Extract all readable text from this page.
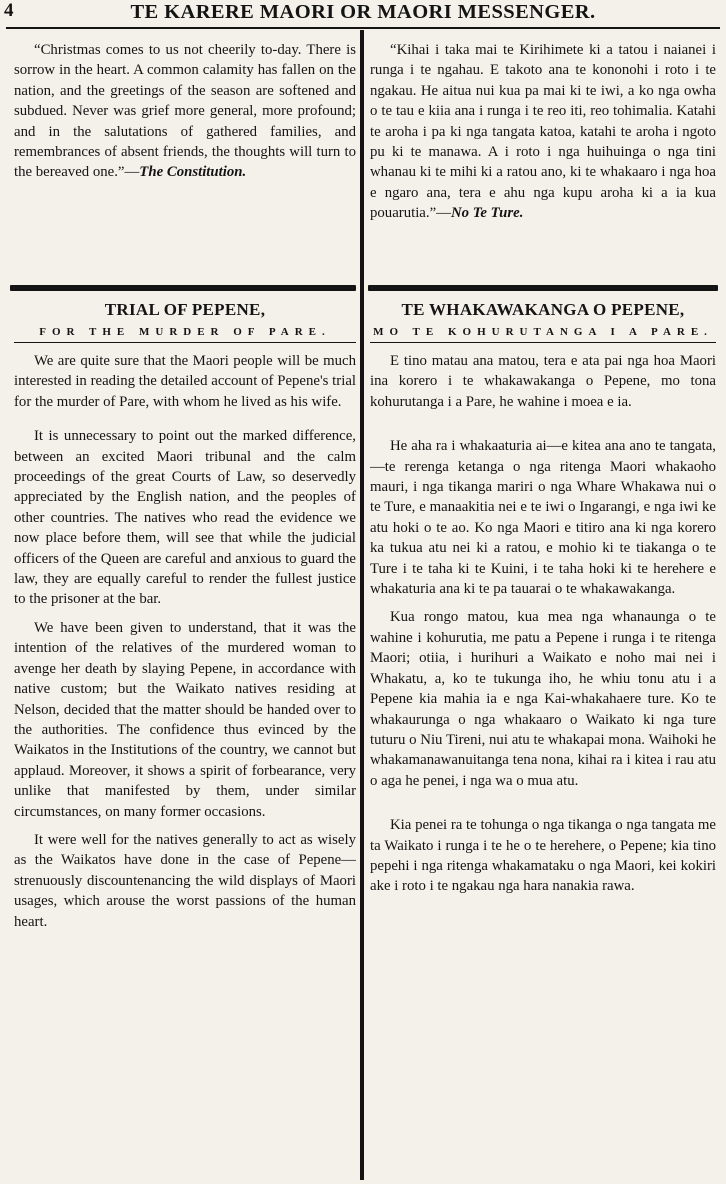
4	TE KARERE MAORI OR MAORI MESSENGER.

“Christmas comes to us not cheerily to-day. There is sorrow in the heart. A common calamity has fallen on the nation, and the greetings of the season are softened and subdued. Never was grief more general, more profound; and in the salutations of gathered families, and remembrances of absent friends, the thoughts will turn to the bereaved one.”—The Constitution.

“Kihai i taka mai te Kirihimete ki a tatou i naianei i runga i te ngahau. E takoto ana te kononohi i roto i te ngakau. He aitua nui kua pa mai ki te iwi, a ko nga owha o te tau e kiia ana i runga i te reo iti, reo tohimalia. Katahi te aroha i pa ki nga tangata katoa, katahi te aroha i ngoto pu ki te manawa. A i roto i nga huihuinga o nga tini whanau ki te mihi ki a ratou ano, ki te whakaaro i nga hoa e ngaro ana, tera e ahu nga kupu aroha ki a ia kua pouarutia.”—No Te Ture.

TRIAL OF PEPENE,
FOR THE MURDER OF PARE.

We are quite sure that the Maori people will be much interested in reading the detailed account of Pepene's trial for the murder of Pare, with whom he lived as his wife.

It is unnecessary to point out the marked difference, between an excited Maori tribunal and the calm proceedings of the great Courts of Law, so deservedly appreciated by the English nation, and the peoples of other countries. The natives who read the evidence we now place before them, will see that while the judicial officers of the Queen are careful and anxious to guard the law, they are equally careful to render the fullest justice to the prisoner at the bar.

We have been given to understand, that it was the intention of the relatives of the murdered woman to avenge her death by slaying Pepene, in accordance with native custom; but the Waikato natives residing at Nelson, decided that the matter should be handed over to the authorities. The confidence thus evinced by the Waikatos in the Institutions of the country, we cannot but applaud. Moreover, it shows a spirit of forbearance, very unlike that manifested by them, under similar circumstances, on many former occasions.

It were well for the natives generally to act as wisely as the Waikatos have done in the case of Pepene—strenuously discountenancing the wild displays of Maori usages, which arouse the worst passions of the human heart.

TE WHAKAWAKANGA O PEPENE,
MO TE KOHURUTANGA I A PARE.

E tino matau ana matou, tera e ata pai nga hoa Maori ina korero i te whakawakanga o Pepene, mo tona kohurutanga i a Pare, he wahine i moea e ia.

He aha ra i whakaaturia ai—e kitea ana ano te tangata,—te rerenga ketanga o nga ritenga Maori whakaoho mauri, i nga tikanga mariri o nga Whare Whakawa nui o te Ture, e manaakitia nei e te iwi o Ingarangi, e nga iwi ke atu hoki o te ao. Ko nga Maori e titiro ana ki nga korero ka tukua atu nei ki a ratou, e mohio ki te tiakanga o te Ture i te taha ki te Kuini, i te taha hoki ki te herehere e whakaturia ana ki te pa tauarai o te whakawakanga.

Kua rongo matou, kua mea nga whanaunga o te wahine i kohurutia, me patu a Pepene i runga i te ritenga Maori; otiia, i hurihuri a Waikato e noho mai nei i Whakatu, a, ko te tukunga iho, he whiu tonu atu i a Pepene kia mahia ia e nga Kai-whakahaere ture. Ko te whakaurunga o nga whakaaro o Waikato ki nga ture tuturu o Niu Tireni, nui atu te whakapai mona. Waihoki he whakamanawanuitanga tena nona, kihai ra i kitea i rau atu o aga he penei, i nga wa o mua atu.

Kia penei ra te tohunga o nga tikanga o nga tangata me ta Waikato i runga i te he o te herehere, o Pepene; kia tino pepehi i nga ritenga whakamataku o nga Maori, kei kokiri ake i roto i te ngakau nga hara nanakia rawa.
